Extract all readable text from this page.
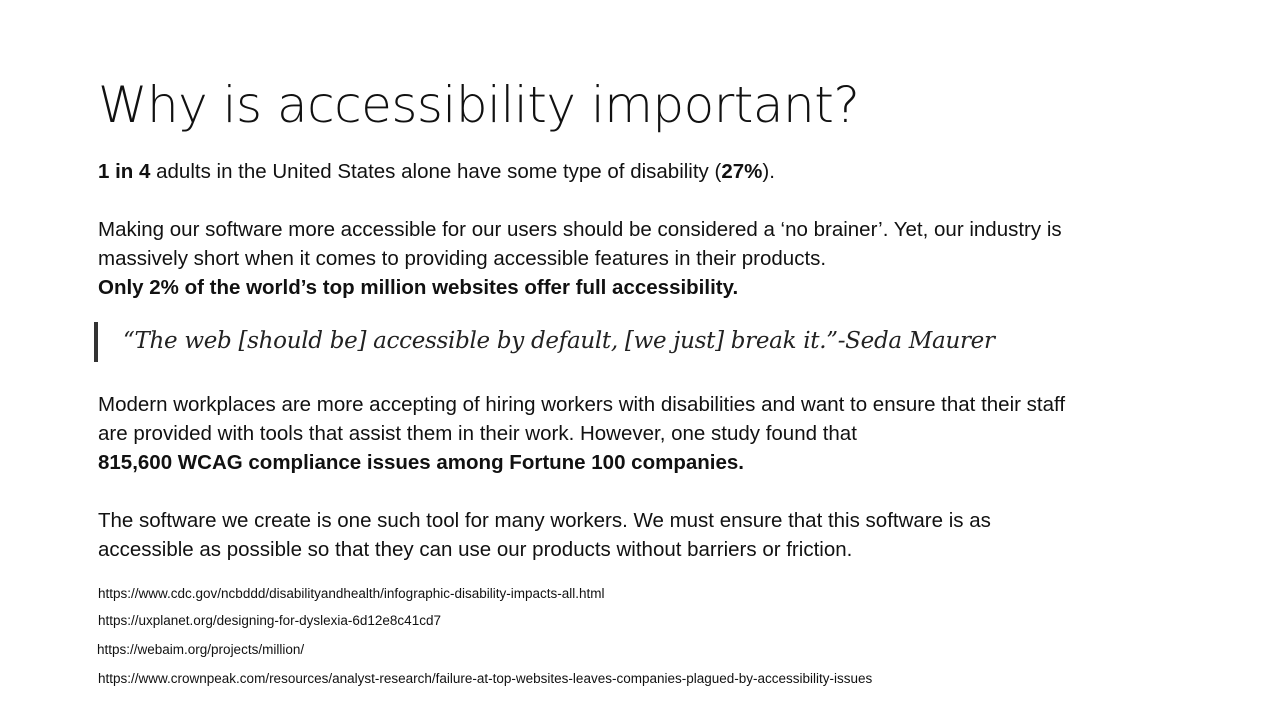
Why is accessibility important?

1 in 4 adults in the United States alone have some type of disability (27%).

Making our software more accessible for our users should be considered a ‘no brainer’. Yet, our industry is massively short when it comes to providing accessible features in their products.
Only 2% of the world’s top million websites offer full accessibility.

“The web [should be] accessible by default, [we just] break it.”-Seda Maurer

Modern workplaces are more accepting of hiring workers with disabilities and want to ensure that their staff are provided with tools that assist them in their work. However, one study found that
815,600 WCAG compliance issues among Fortune 100 companies.

The software we create is one such tool for many workers. We must ensure that this software is as accessible as possible so that they can use our products without barriers or friction.

https://www.cdc.gov/ncbddd/disabilityandhealth/infographic-disability-impacts-all.html

https://uxplanet.org/designing-for-dyslexia-6d12e8c41cd7

https://webaim.org/projects/million/

https://www.crownpeak.com/resources/analyst-research/failure-at-top-websites-leaves-companies-plagued-by-accessibility-issues
